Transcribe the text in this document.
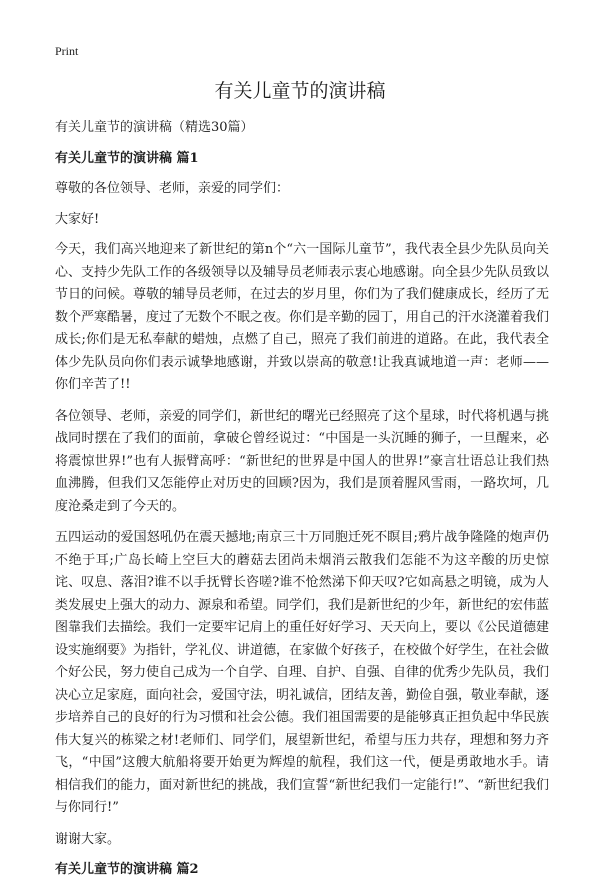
Print
有关儿童节的演讲稿

有关儿童节的演讲稿（精选30篇）

有关儿童节的演讲稿 篇1

尊敬的各位领导、老师，亲爱的同学们：

大家好!

今天，我们高兴地迎来了新世纪的第n个“六一国际儿童节”，我代表全县少先队员向关心、支持少先队工作的各级领导以及辅导员老师表示衷心地感谢。向全县少先队员致以节日的问候。尊敬的辅导员老师，在过去的岁月里，你们为了我们健康成长，经历了无数个严寒酷暑，度过了无数个不眠之夜。你们是辛勤的园丁，用自己的汗水浇灌着我们成长;你们是无私奉献的蜡烛，点燃了自己，照亮了我们前进的道路。在此，我代表全体少先队员向你们表示诚挚地感谢，并致以崇高的敬意!让我真诚地道一声：老师——你们辛苦了!!

各位领导、老师，亲爱的同学们，新世纪的曙光已经照亮了这个星球，时代将机遇与挑战同时摆在了我们的面前，拿破仑曾经说过：“中国是一头沉睡的狮子，一旦醒来，必将震惊世界!”也有人振臂高呼：“新世纪的世界是中国人的世界!”豪言壮语总让我们热血沸腾，但我们又怎能停止对历史的回顾?因为，我们是顶着腥风雪雨，一路坎坷，几度沧桑走到了今天的。

五四运动的爱国怒吼仍在震天撼地;南京三十万同胞迁死不瞑目;鸦片战争隆隆的炮声仍不绝于耳;广岛长崎上空巨大的蘑菇去团尚未烟消云散我们怎能不为这辛酸的历史惊诧、叹息、落泪?谁不以手抚臂长咨嗟?谁不怆然涕下仰天叹?它如高悬之明镜，成为人类发展史上强大的动力、源泉和希望。同学们，我们是新世纪的少年，新世纪的宏伟蓝图靠我们去描绘。我们一定要牢记肩上的重任好好学习、天天向上，要以《公民道德建设实施纲要》为指针，学礼仪、讲道德，在家做个好孩子，在校做个好学生，在社会做个好公民，努力使自己成为一个自学、自理、自护、自强、自律的优秀少先队员，我们决心立足家庭，面向社会，爱国守法，明礼诚信，团结友善，勤俭自强，敬业奉献，逐步培养自己的良好的行为习惯和社会公德。我们祖国需要的是能够真正担负起中华民族伟大复兴的栋梁之材!老师们、同学们，展望新世纪，希望与压力共存，理想和努力齐飞，“中国”这艘大航船将要开始更为辉煌的航程，我们这一代，便是勇敢地水手。请相信我们的能力，面对新世纪的挑战，我们宣誓“新世纪我们一定能行!”、“新世纪我们与你同行!”

谢谢大家。

有关儿童节的演讲稿 篇2
